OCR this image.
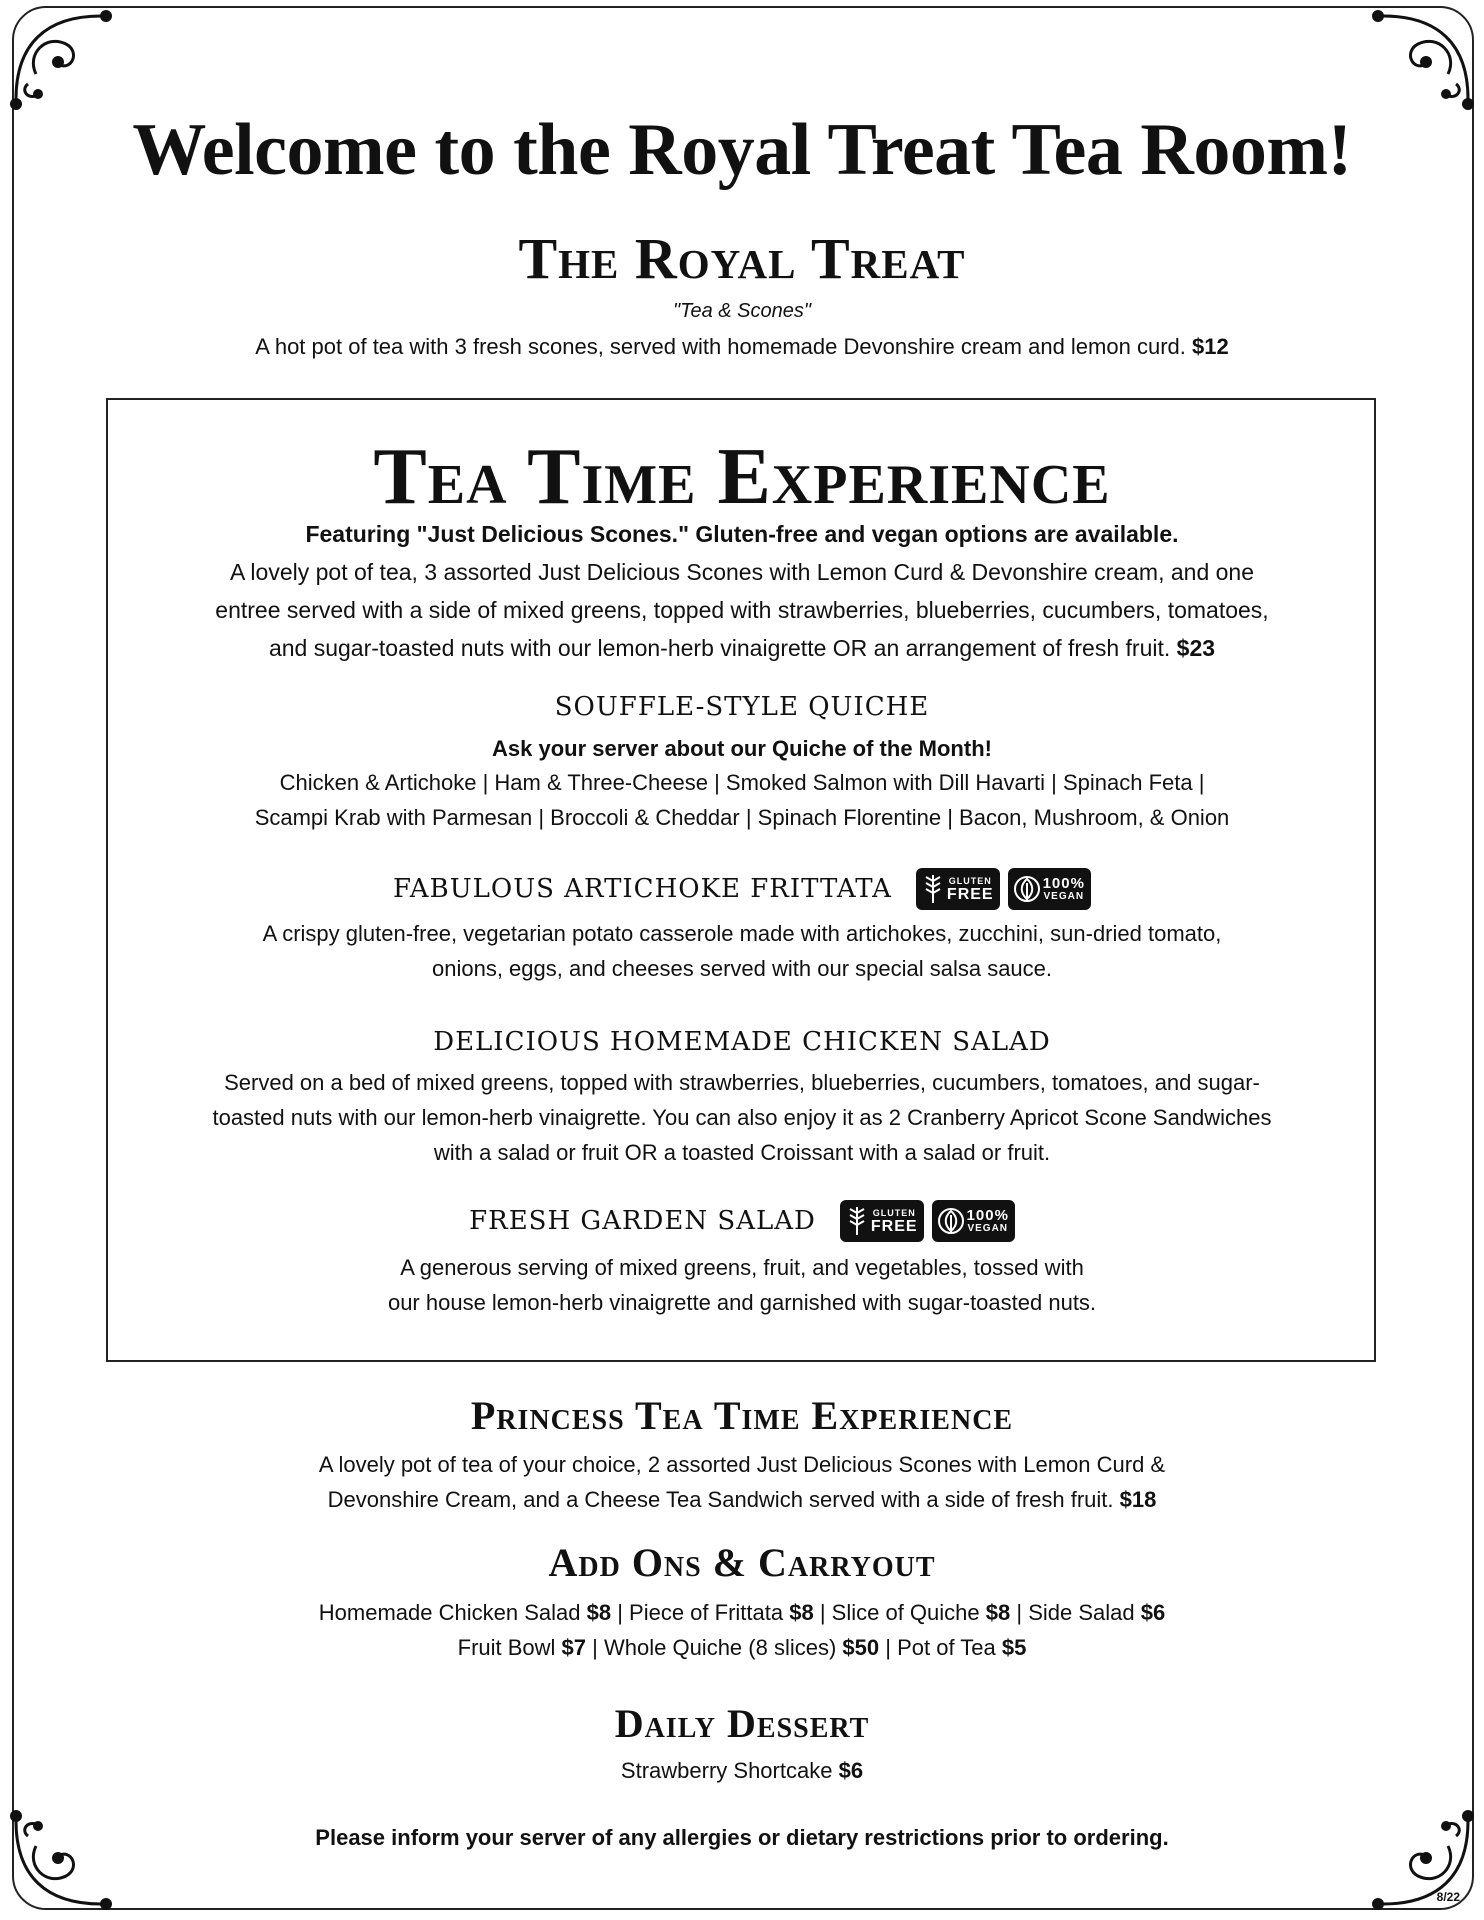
Welcome to the Royal Treat Tea Room!
The Royal Treat
"Tea & Scones"
A hot pot of tea with 3 fresh scones, served with homemade Devonshire cream and lemon curd. $12
Tea Time Experience
Featuring "Just Delicious Scones." Gluten-free and vegan options are available.
A lovely pot of tea, 3 assorted Just Delicious Scones with Lemon Curd & Devonshire cream, and one
entree served with a side of mixed greens, topped with strawberries, blueberries, cucumbers, tomatoes,
and sugar-toasted nuts with our lemon-herb vinaigrette OR an arrangement of fresh fruit. $23
SOUFFLE-STYLE QUICHE
Ask your server about our Quiche of the Month!
Chicken & Artichoke | Ham & Three-Cheese | Smoked Salmon with Dill Havarti | Spinach Feta |
Scampi Krab with Parmesan | Broccoli & Cheddar | Spinach Florentine | Bacon, Mushroom, & Onion
FABULOUS ARTICHOKE FRITTATA	GLUTEN
FREE
100%
VEGAN
A crispy gluten-free, vegetarian potato casserole made with artichokes, zucchini, sun-dried tomato,
onions, eggs, and cheeses served with our special salsa sauce.
DELICIOUS HOMEMADE CHICKEN SALAD
Served on a bed of mixed greens, topped with strawberries, blueberries, cucumbers, tomatoes, and sugar-
toasted nuts with our lemon-herb vinaigrette. You can also enjoy it as 2 Cranberry Apricot Scone Sandwiches
with a salad or fruit OR a toasted Croissant with a salad or fruit.
FRESH GARDEN SALAD	GLUTEN
FREE
100%
VEGAN
A generous serving of mixed greens, fruit, and vegetables, tossed with
our house lemon-herb vinaigrette and garnished with sugar-toasted nuts.
Princess Tea Time Experience
A lovely pot of tea of your choice, 2 assorted Just Delicious Scones with Lemon Curd &
Devonshire Cream, and a Cheese Tea Sandwich served with a side of fresh fruit. $18
Add Ons & Carryout
Homemade Chicken Salad $8 | Piece of Frittata $8 | Slice of Quiche $8 | Side Salad $6
Fruit Bowl $7 | Whole Quiche (8 slices) $50 | Pot of Tea $5
Daily Dessert
Strawberry Shortcake $6
Please inform your server of any allergies or dietary restrictions prior to ordering.
8/22
